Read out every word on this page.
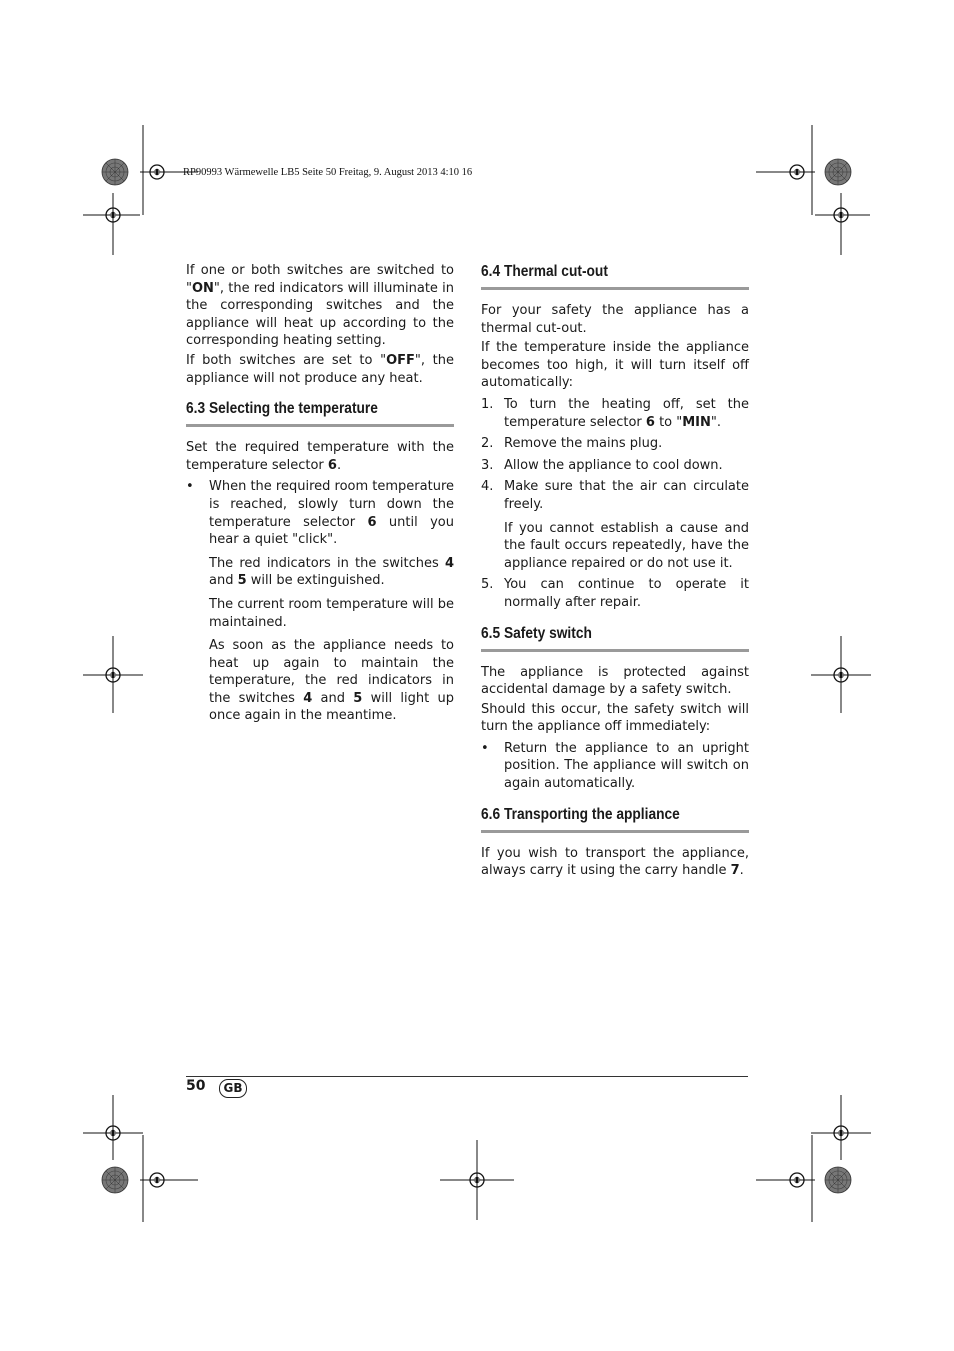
RP90993 Wärmewelle LB5 Seite 50 Freitag, 9. August 2013 4:10 16

If one or both switches are switched to "ON", the red indicators will illuminate in the corresponding switches and the appliance will heat up according to the corresponding heating setting.

If both switches are set to "OFF", the appliance will not produce any heat.

6.3 Selecting the temperature

Set the required temperature with the temperature selector 6.

• When the required room temperature is reached, slowly turn down the temperature selector 6 until you hear a quiet "click".

The red indicators in the switches 4 and 5 will be extinguished.

The current room temperature will be maintained.

As soon as the appliance needs to heat up again to maintain the temperature, the red indicators in the switches 4 and 5 will light up once again in the meantime.

6.4 Thermal cut-out

For your safety the appliance has a thermal cut-out.

If the temperature inside the appliance becomes too high, it will turn itself off automatically:

1. To turn the heating off, set the temperature selector 6 to "MIN".
2. Remove the mains plug.
3. Allow the appliance to cool down.
4. Make sure that the air can circulate freely.

If you cannot establish a cause and the fault occurs repeatedly, have the appliance repaired or do not use it.

5. You can continue to operate it normally after repair.
6.5 Safety switch

The appliance is protected against accidental damage by a safety switch.

Should this occur, the safety switch will turn the appliance off immediately:

• Return the appliance to an upright position. The appliance will switch on again automatically.
6.6 Transporting the appliance

If you wish to transport the appliance, always carry it using the carry handle 7.

50	GB
